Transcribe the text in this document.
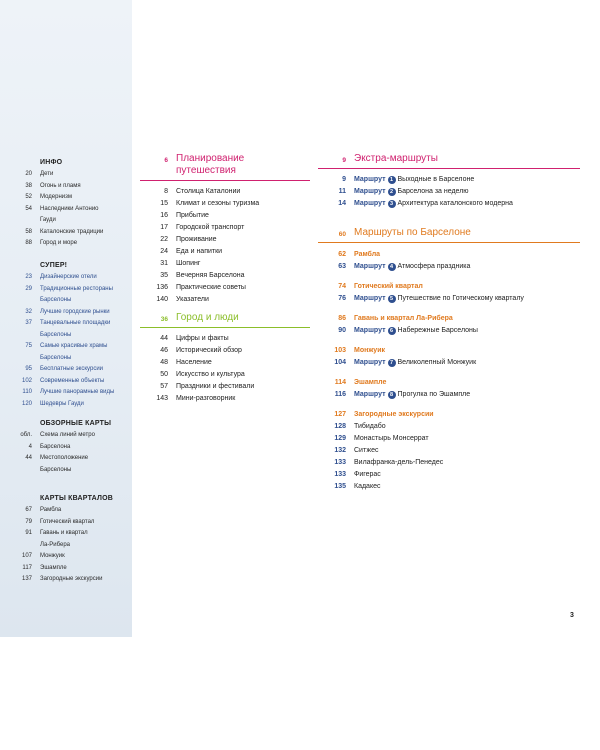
ИНФО
20 Дети
38 Огонь и пламя
52 Модернизм
54 Наследники Антонио
Гауди
58 Каталонские традиции
88 Город и море
СУПЕР!
23 Дизайнерские отели
29 Традиционные рестораны
Барселоны
32 Лучшие городские рынки
37 Танцевальные площадки
Барселоны
75 Самые красивые храмы
Барселоны
95 Бесплатные экскурсии
102 Современные объекты
110 Лучшие панорамные виды
120 Шедевры Гауди
ОБЗОРНЫЕ КАРТЫ
обл. Схема линий метро
4 Барселона
44 Местоположение
Барселоны
КАРТЫ КВАРТАЛОВ
67 Рамбла
79 Готический квартал
91 Гавань и квартал
Ла-Рибера
107 Монжуик
117 Эшампле
137 Загородные экскурсии
6 Планирование
путешествия
8 Столица Каталонии
15 Климат и сезоны туризма
16 Прибытие
17 Городской транспорт
22 Проживание
24 Еда и напитки
31 Шопинг
35 Вечерняя Барселона
136 Практические советы
140 Указатели
36 Город и люди
44 Цифры и факты
46 Исторический обзор
48 Население
50 Искусство и культура
57 Праздники и фестивали
143 Мини-разговорник
9 Экстра-маршруты
9 Маршрут 1 Выходные в Барселоне
11 Маршрут 2 Барселона за неделю
14 Маршрут 3 Архитектура каталонского модерна
60 Маршруты по Барселоне
62 Рамбла
63 Маршрут 4 Атмосфера праздника
74 Готический квартал
76 Маршрут 5 Путешествие по Готическому кварталу
86 Гавань и квартал Ла-Рибера
90 Маршрут 6 Набережные Барселоны
103 Монжуик
104 Маршрут 7 Великолепный Монжуик
114 Эшампле
116 Маршрут 8 Прогулка по Эшампле
127 Загородные экскурсии
128 Тибидабо
129 Монастырь Монсеррат
132 Ситжес
133 Вилафранка-дель-Пенедес
133 Фигерас
135 Кадакес
3
